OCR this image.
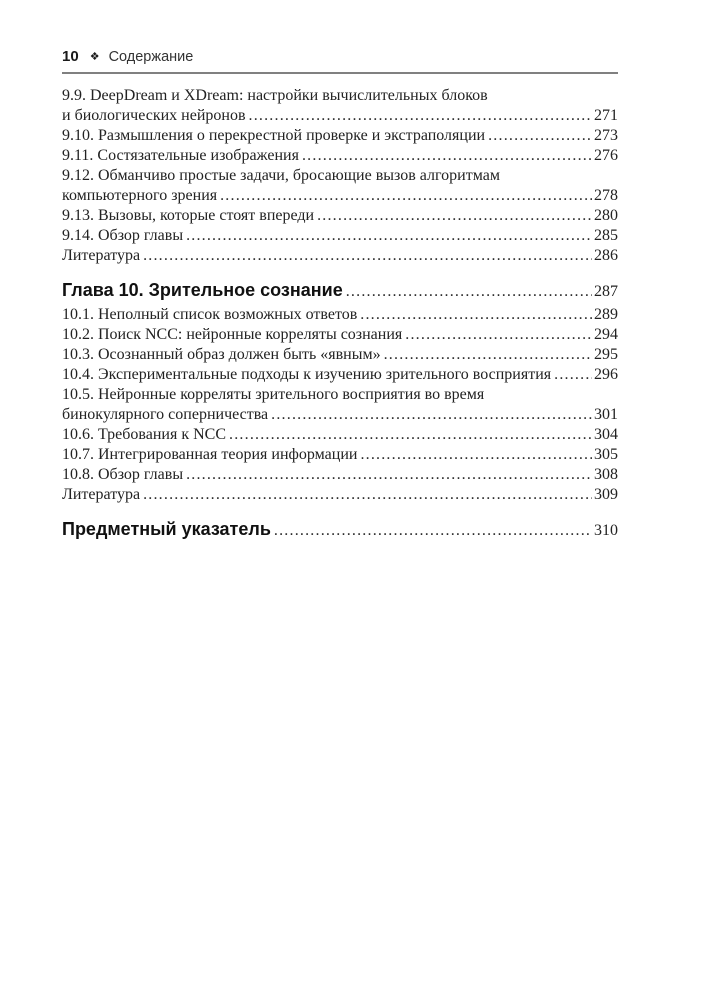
10 ❖ Содержание
9.9. DeepDream и XDream: настройки вычислительных блоков
и биологических нейронов .....	271
9.10. Размышления о перекрестной проверке и экстраполяции .....	273
9.11. Состязательные изображения .....	276
9.12. Обманчиво простые задачи, бросающие вызов алгоритмам
компьютерного зрения .....	278
9.13. Вызовы, которые стоят впереди .....	280
9.14. Обзор главы .....	285
Литература .....	286
Глава 10. Зрительное сознание .....	287
10.1. Неполный список возможных ответов .....	289
10.2. Поиск NCC: нейронные корреляты сознания .....	294
10.3. Осознанный образ должен быть «явным» .....	295
10.4. Экспериментальные подходы к изучению зрительного восприятия .....	296
10.5. Нейронные корреляты зрительного восприятия во время
бинокулярного соперничества .....	301
10.6. Требования к NCC .....	304
10.7. Интегрированная теория информации .....	305
10.8. Обзор главы .....	308
Литература .....	309
Предметный указатель .....	310
